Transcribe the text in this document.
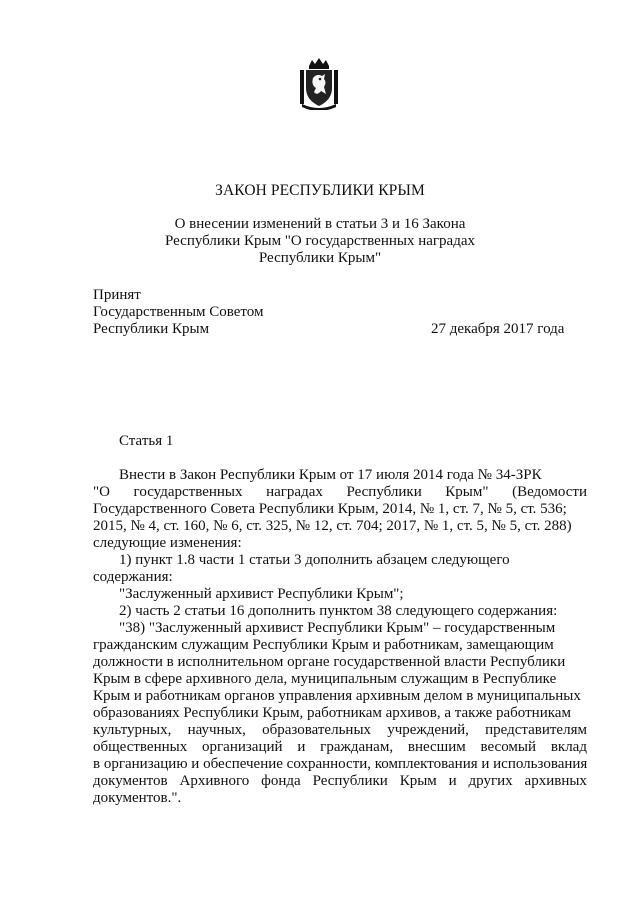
ЗАКОН РЕСПУБЛИКИ КРЫМ
О внесении изменений в статьи 3 и 16 Закона
Республики Крым "О государственных наградах
Республики Крым"
Принят
Государственным Советом
Республики Крым	27 декабря 2017 года
Статья 1
Внести в Закон Республики Крым от 17 июля 2014 года № 34-ЗРК
"О государственных наградах Республики Крым" (Ведомости
Государственного Совета Республики Крым, 2014, № 1, ст. 7, № 5, ст. 536;
2015, № 4, ст. 160, № 6, ст. 325, № 12, ст. 704; 2017, № 1, ст. 5, № 5, ст. 288)
следующие изменения:
1) пункт 1.8 части 1 статьи 3 дополнить абзацем следующего
содержания:
"Заслуженный архивист Республики Крым";
2) часть 2 статьи 16 дополнить пунктом 38 следующего содержания:
"38) "Заслуженный архивист Республики Крым" – государственным
гражданским служащим Республики Крым и работникам, замещающим
должности в исполнительном органе государственной власти Республики
Крым в сфере архивного дела, муниципальным служащим в Республике
Крым и работникам органов управления архивным делом в муниципальных
образованиях Республики Крым, работникам архивов, а также работникам
культурных, научных, образовательных учреждений, представителям
общественных организаций и гражданам, внесшим весомый вклад
в организацию и обеспечение сохранности, комплектования и использования
документов Архивного фонда Республики Крым и других архивных
документов.".
